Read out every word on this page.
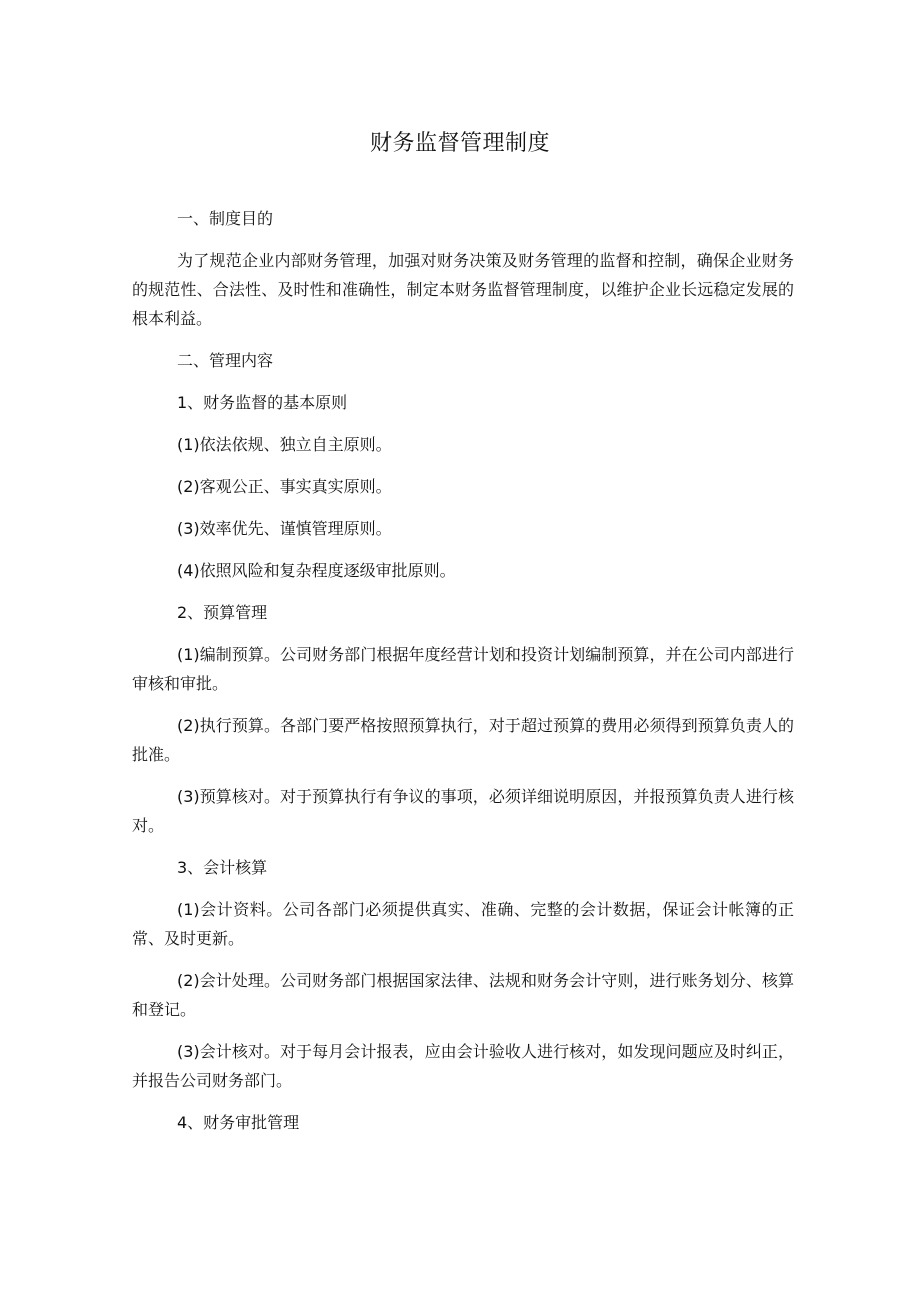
财务监督管理制度

一、制度目的

为了规范企业内部财务管理，加强对财务决策及财务管理的监督和控制，确保企业财务的规范性、合法性、及时性和准确性，制定本财务监督管理制度，以维护企业长远稳定发展的根本利益。

二、管理内容

1、财务监督的基本原则

(1)依法依规、独立自主原则。

(2)客观公正、事实真实原则。

(3)效率优先、谨慎管理原则。

(4)依照风险和复杂程度逐级审批原则。

2、预算管理

(1)编制预算。公司财务部门根据年度经营计划和投资计划编制预算，并在公司内部进行审核和审批。

(2)执行预算。各部门要严格按照预算执行，对于超过预算的费用必须得到预算负责人的批准。

(3)预算核对。对于预算执行有争议的事项，必须详细说明原因，并报预算负责人进行核对。

3、会计核算

(1)会计资料。公司各部门必须提供真实、准确、完整的会计数据，保证会计帐簿的正常、及时更新。

(2)会计处理。公司财务部门根据国家法律、法规和财务会计守则，进行账务划分、核算和登记。

(3)会计核对。对于每月会计报表，应由会计验收人进行核对，如发现问题应及时纠正，并报告公司财务部门。

4、财务审批管理
